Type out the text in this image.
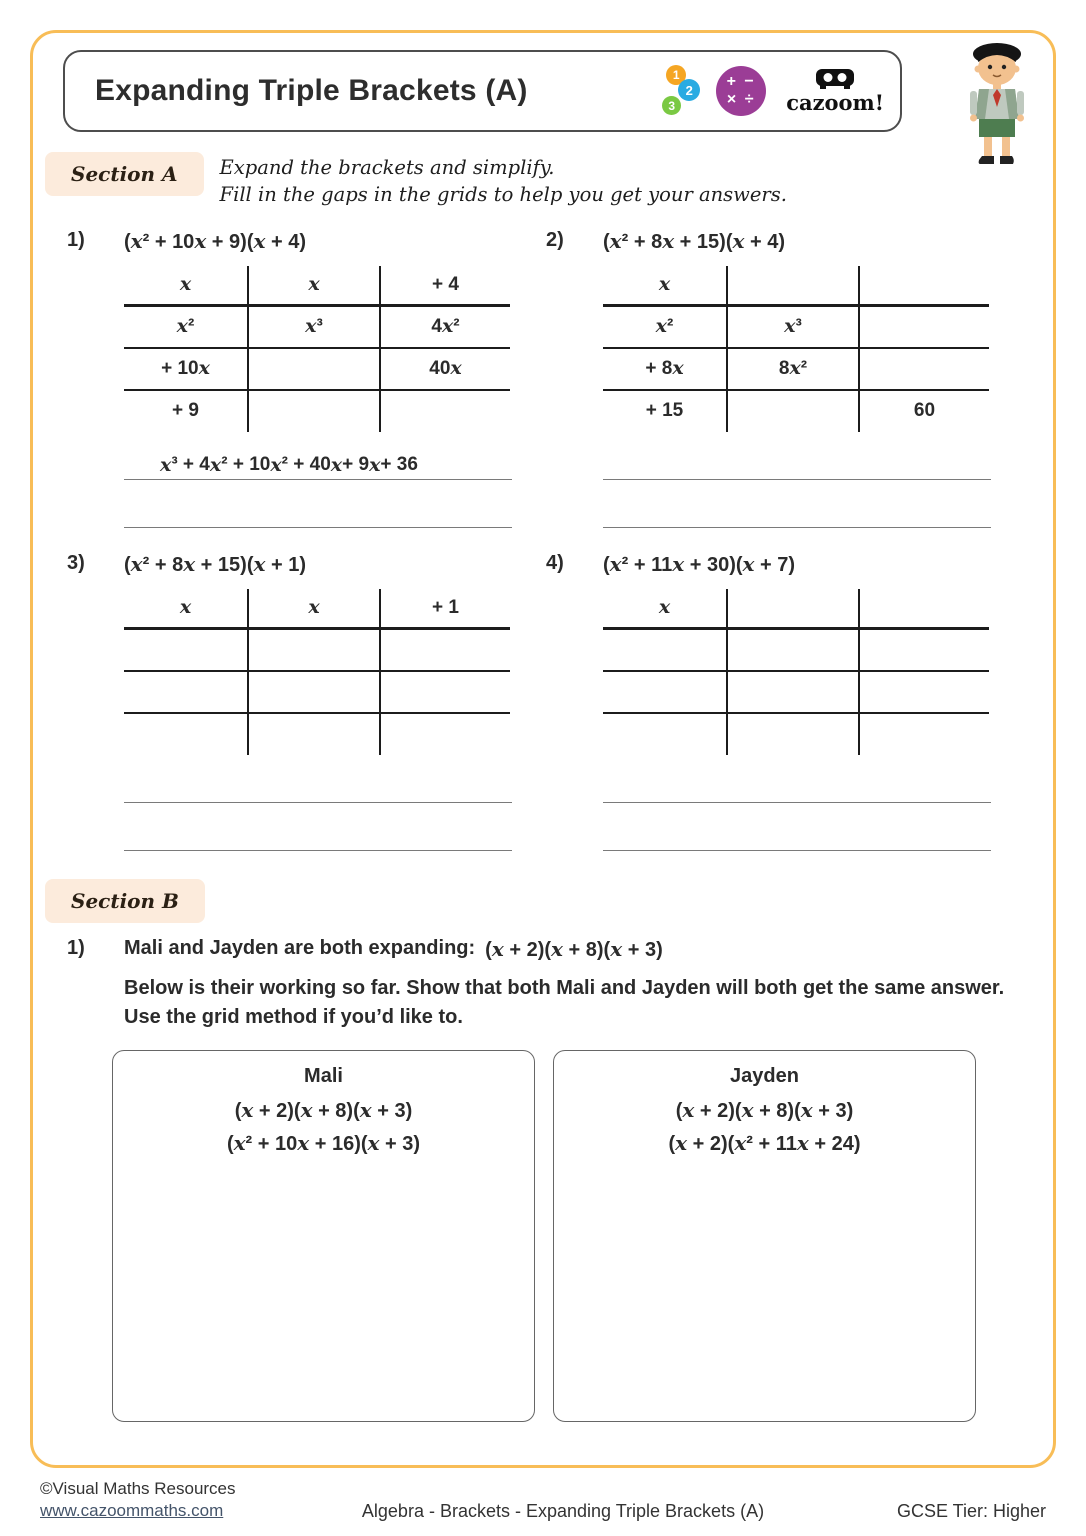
Expanding Triple Brackets (A)	1
2
3
+ −
× ÷ cazoom!
Section A	Expand the brackets and simplify.
Fill in the gaps in the grids to help you get your answers.
1)	(x² + 10x + 9)(x + 4)
x	x	+ 4
x²	x³	4x²
+ 10x		40x
+ 9		
x ³ + 4 x ² + 10 x ² + 40 x + 9 x + 36
2)	(x² + 8x + 15)(x + 4)
x		
x²	x³	
+ 8x	8x²	
+ 15		60
3)	(x² + 8x + 15)(x + 1)
x	x	+ 1

4)	(x² + 11x + 30)(x + 7)
x		

Section B
1)	Mali and Jayden are both expanding: (x + 2)(x + 8)(x + 3)
Below is their working so far. Show that both Mali and Jayden will both get the same answer.
Use the grid method if you’d like to.
Mali
(x + 2)(x + 8)(x + 3)
(x² + 10x + 16)(x + 3)
Jayden
(x + 2)(x + 8)(x + 3)
(x + 2)(x² + 11x + 24)
©Visual Maths Resources
www.cazoommaths.com	Algebra - Brackets - Expanding Triple Brackets (A)	GCSE Tier: Higher
